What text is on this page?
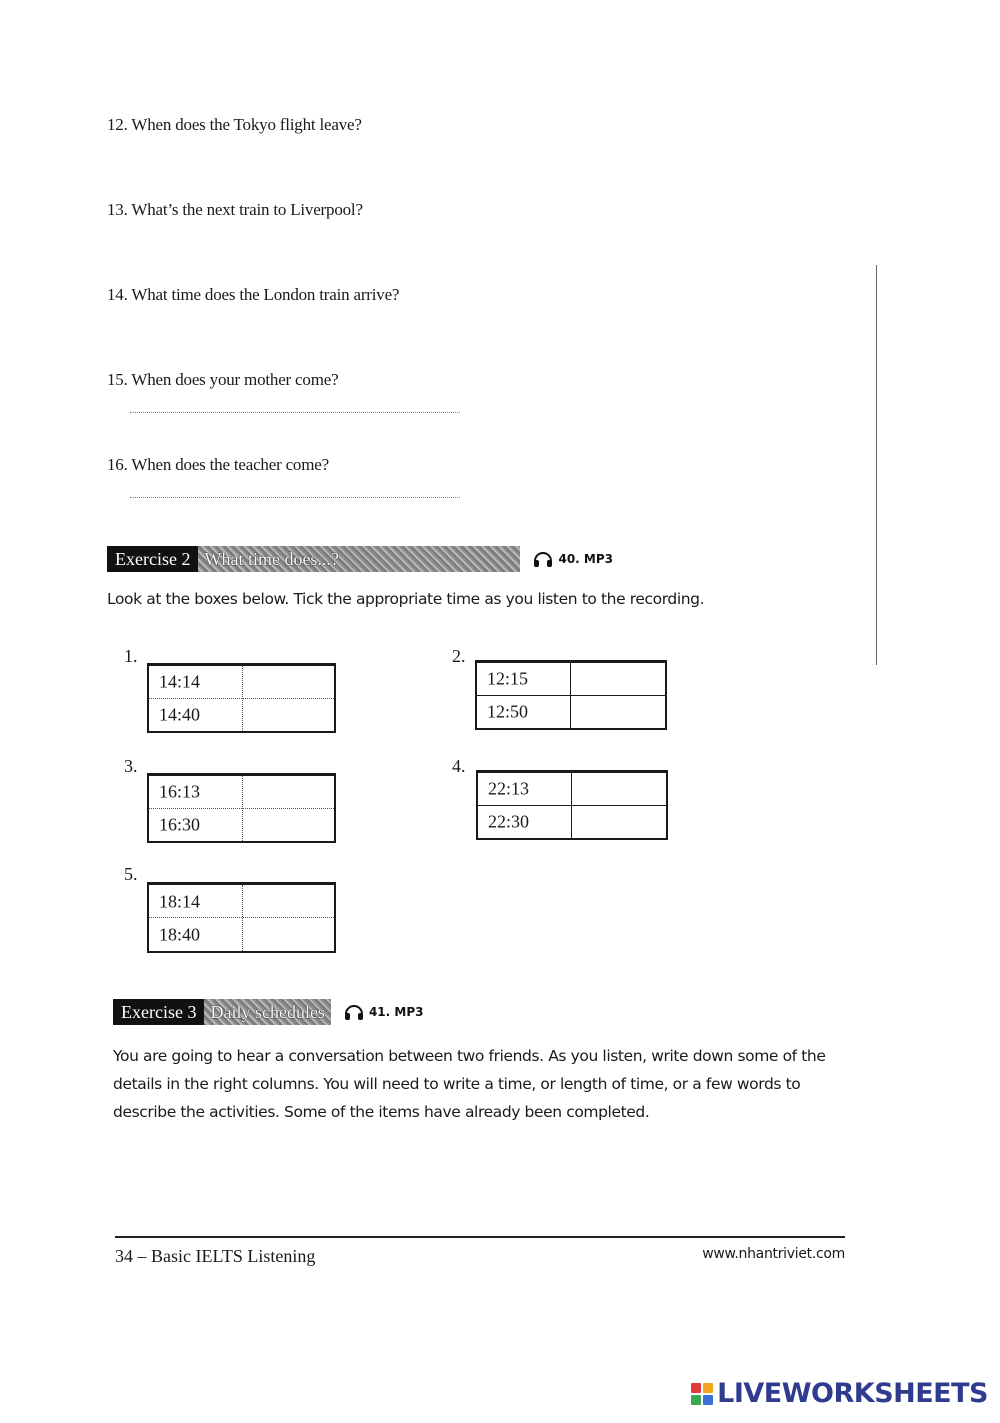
12. When does the Tokyo flight leave?
13. What’s the next train to Liverpool?
14. What time does the London train arrive?
15. When does your mother come?
16. When does the teacher come?
Exercise 2 What time does...?	40. MP3
Look at the boxes below. Tick the appropriate time as you listen to the recording.
1.
14:14
14:40
2.
12:15
12:50
3.
16:13
16:30
4.
22:13
22:30
5.
18:14
18:40
Exercise 3 Daily schedules	41. MP3
You are going to hear a conversation between two friends. As you listen, write down some of the details in the right columns. You will need to write a time, or length of time, or a few words to describe the activities. Some of the items have already been completed.
34 – Basic IELTS Listening	www.nhantriviet.com
LIVEWORKSHEETS
